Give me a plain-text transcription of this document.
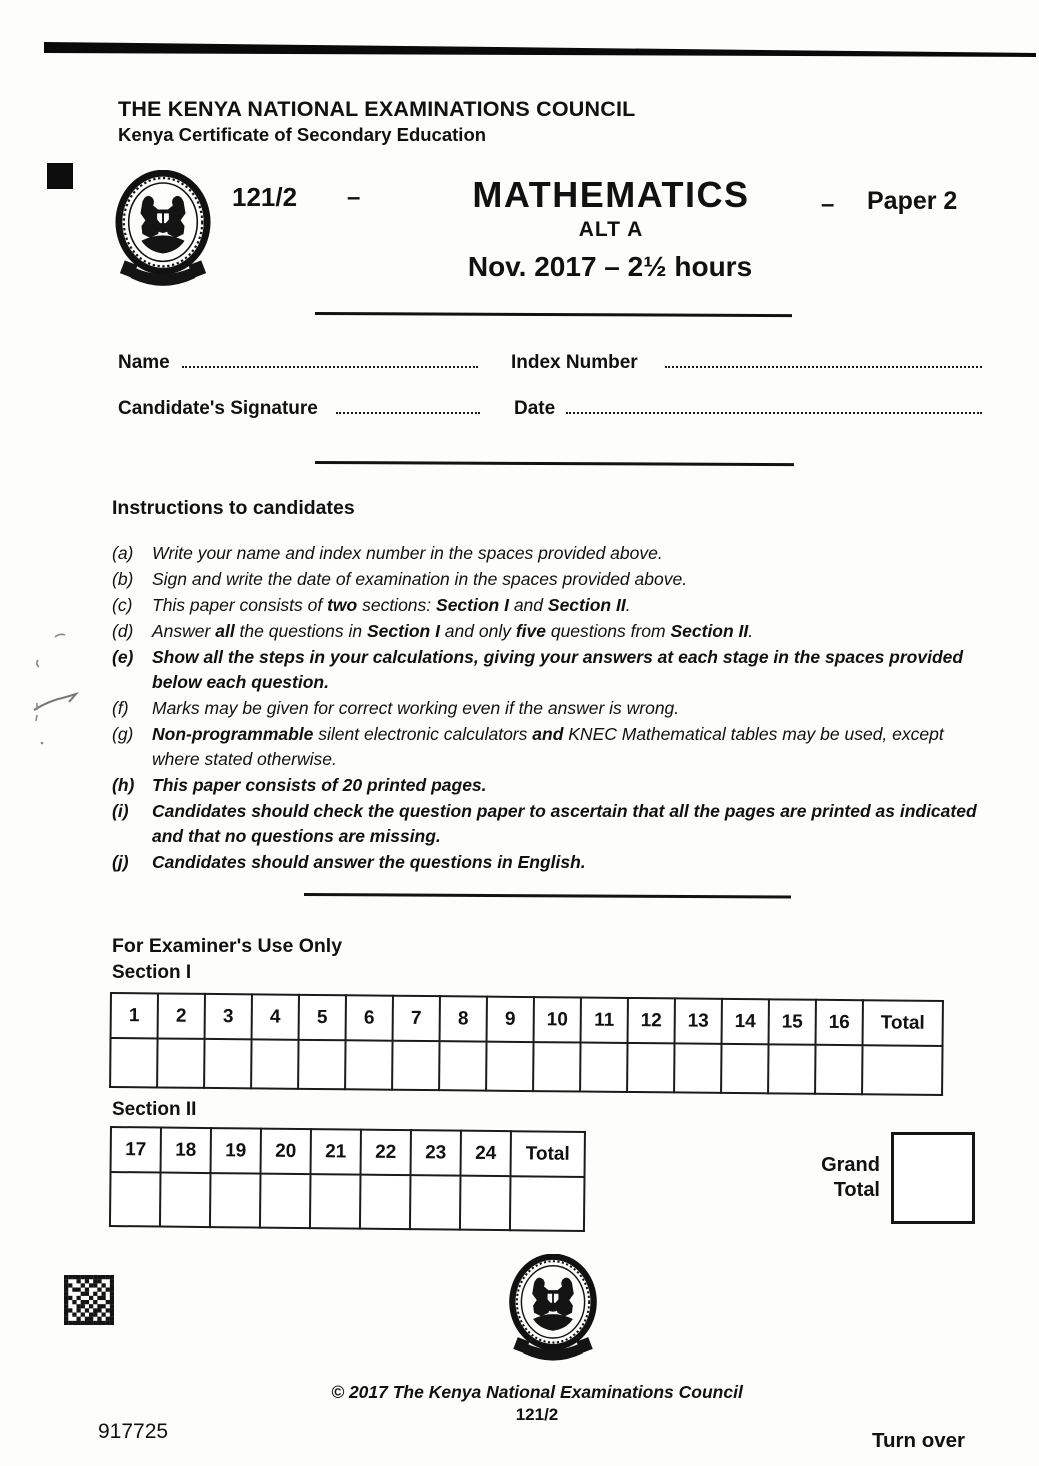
THE KENYA NATIONAL EXAMINATIONS COUNCIL
Kenya Certificate of Secondary Education
121/2 –	MATHEMATICS
ALT A
Nov. 2017 – 2½ hours
– Paper 2
Name	Index Number
Candidate's Signature	Date
Instructions to candidates
(a)	Write your name and index number in the spaces provided above.
(b)	Sign and write the date of examination in the spaces provided above.
(c)	This paper consists of two sections: Section I and Section II.
(d)	Answer all the questions in Section I and only five questions from Section II.
(e)	Show all the steps in your calculations, giving your answers at each stage in the spaces provided below each question.
(f)	Marks may be given for correct working even if the answer is wrong.
(g)	Non-programmable silent electronic calculators and KNEC Mathematical tables may be used, except where stated otherwise.
(h)	This paper consists of 20 printed pages.
(i)	Candidates should check the question paper to ascertain that all the pages are printed as indicated and that no questions are missing.
(j)	Candidates should answer the questions in English.
For Examiner's Use Only
Section I
1	2	3	4	5	6	7	8	9	10	11	12	13	14	15	16	Total

Section II
17	18	19	20	21	22	23	24	Total

Grand
Total
© 2017 The Kenya National Examinations Council
121/2
917725	Turn over
